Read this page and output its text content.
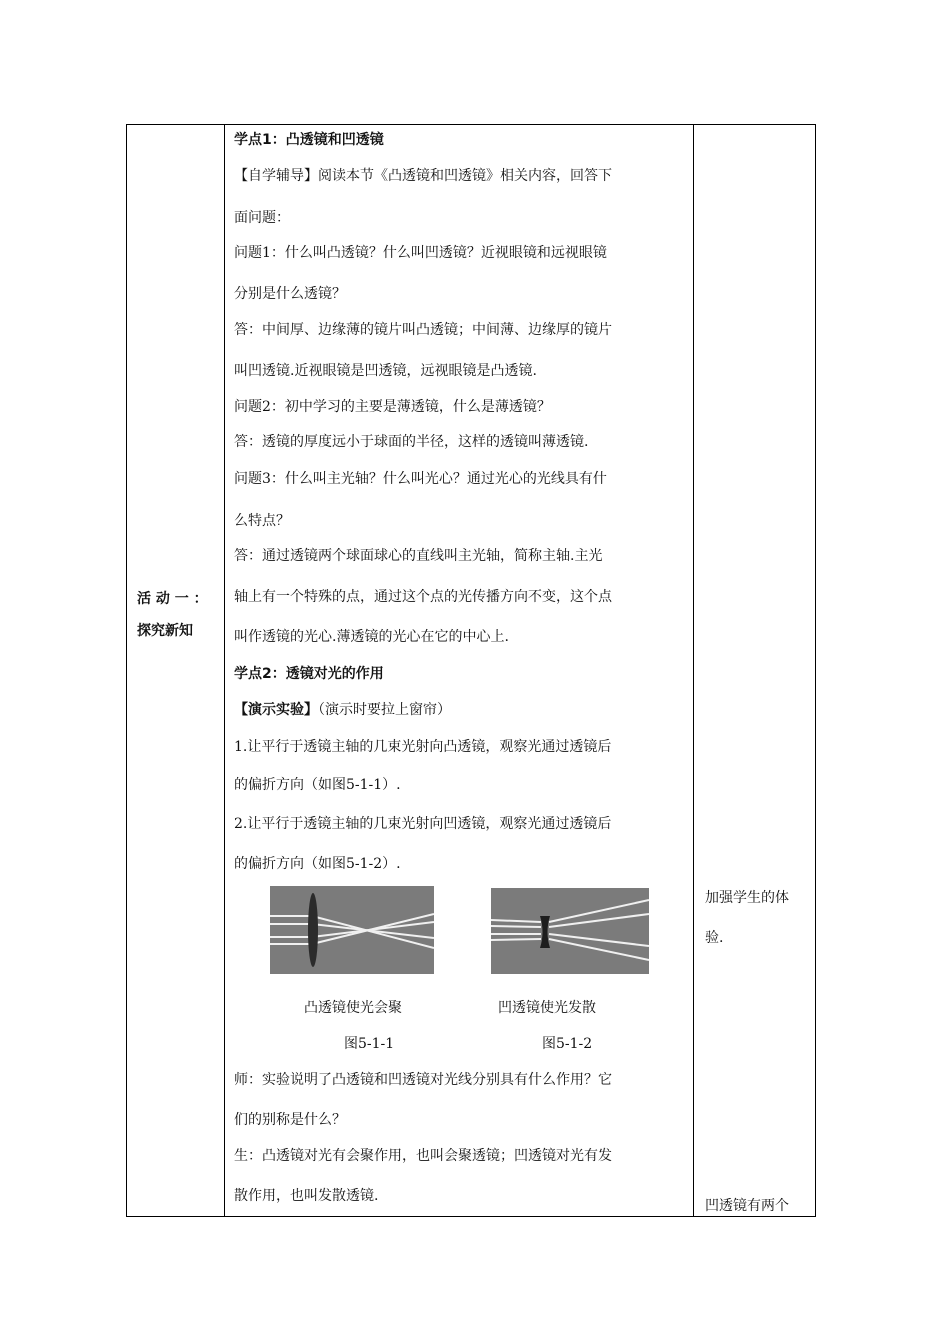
活 动 一 ：
探究新知
学点1：凸透镜和凹透镜
【自学辅导】阅读本节《凸透镜和凹透镜》相关内容，回答下
面问题：
问题1：什么叫凸透镜？什么叫凹透镜？近视眼镜和远视眼镜
分别是什么透镜？
答：中间厚、边缘薄的镜片叫凸透镜；中间薄、边缘厚的镜片
叫凹透镜.近视眼镜是凹透镜，远视眼镜是凸透镜.
问题2：初中学习的主要是薄透镜，什么是薄透镜？
答：透镜的厚度远小于球面的半径，这样的透镜叫薄透镜.
问题3：什么叫主光轴？什么叫光心？通过光心的光线具有什
么特点？
答：通过透镜两个球面球心的直线叫主光轴，简称主轴.主光
轴上有一个特殊的点，通过这个点的光传播方向不变，这个点
叫作透镜的光心.薄透镜的光心在它的中心上.
学点2：透镜对光的作用
【演示实验】（演示时要拉上窗帘）
1.让平行于透镜主轴的几束光射向凸透镜，观察光通过透镜后
的偏折方向（如图5-1-1）.
2.让平行于透镜主轴的几束光射向凹透镜，观察光通过透镜后
的偏折方向（如图5-1-2）.
凸透镜使光会聚
图5-1-1
凹透镜使光发散
图5-1-2
师：实验说明了凸透镜和凹透镜对光线分别具有什么作用？它
们的别称是什么？
生：凸透镜对光有会聚作用，也叫会聚透镜；凹透镜对光有发
散作用，也叫发散透镜.
加强学生的体
验.
凹透镜有两个
